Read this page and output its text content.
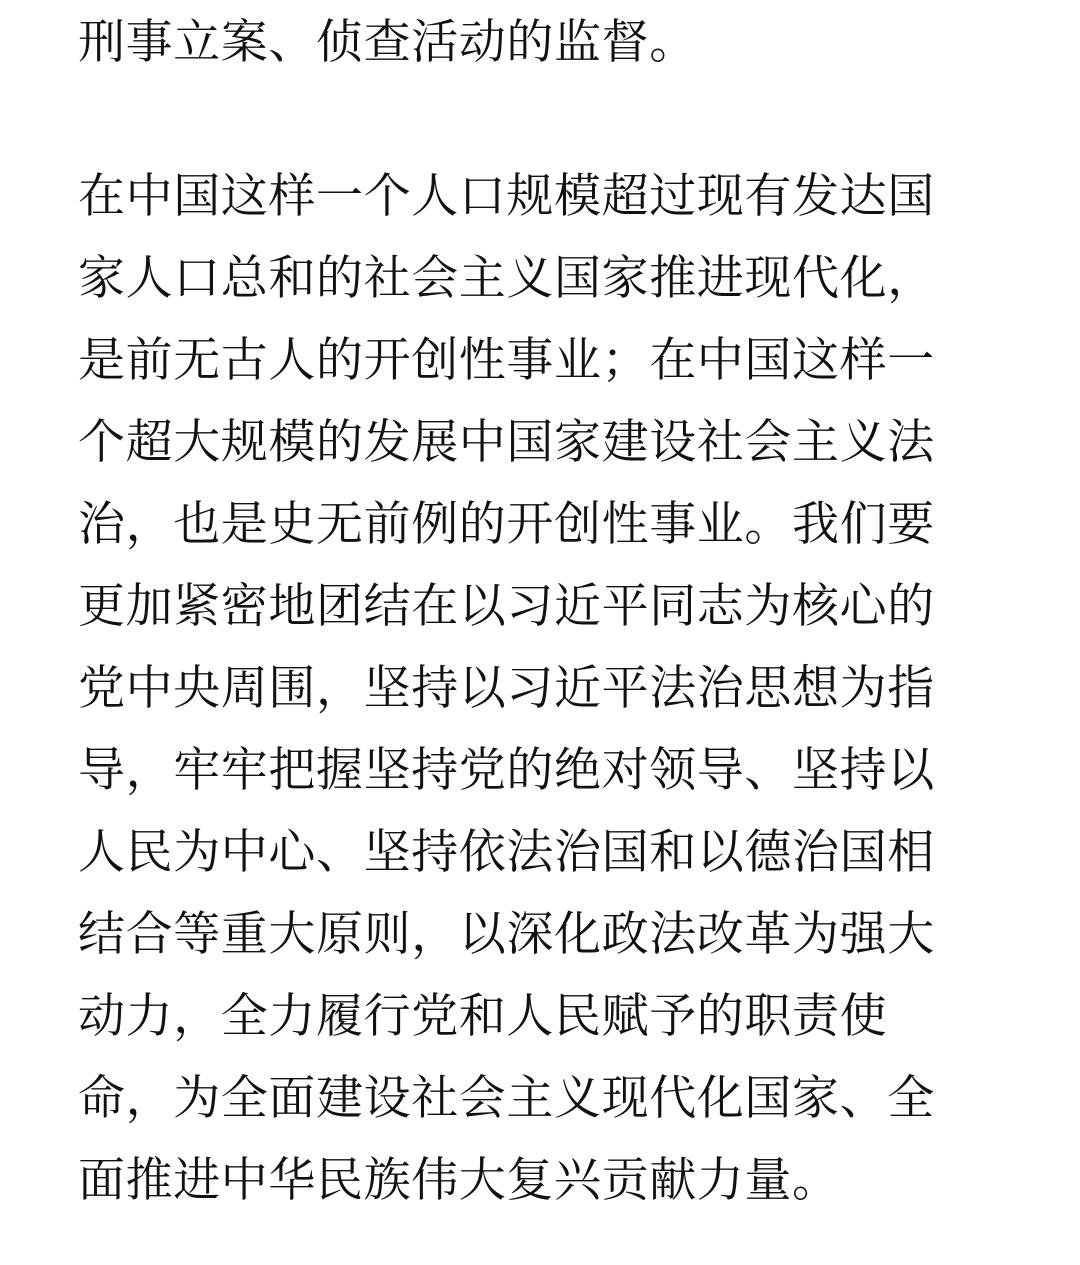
刑事立案、侦查活动的监督。
在中国这样一个人口规模超过现有发达国
家人口总和的社会主义国家推进现代化，
是前无古人的开创性事业；在中国这样一
个超大规模的发展中国家建设社会主义法
治，也是史无前例的开创性事业。我们要
更加紧密地团结在以习近平同志为核心的
党中央周围，坚持以习近平法治思想为指
导，牢牢把握坚持党的绝对领导、坚持以
人民为中心、坚持依法治国和以德治国相
结合等重大原则，以深化政法改革为强大
动力，全力履行党和人民赋予的职责使
命，为全面建设社会主义现代化国家、全
面推进中华民族伟大复兴贡献力量。
